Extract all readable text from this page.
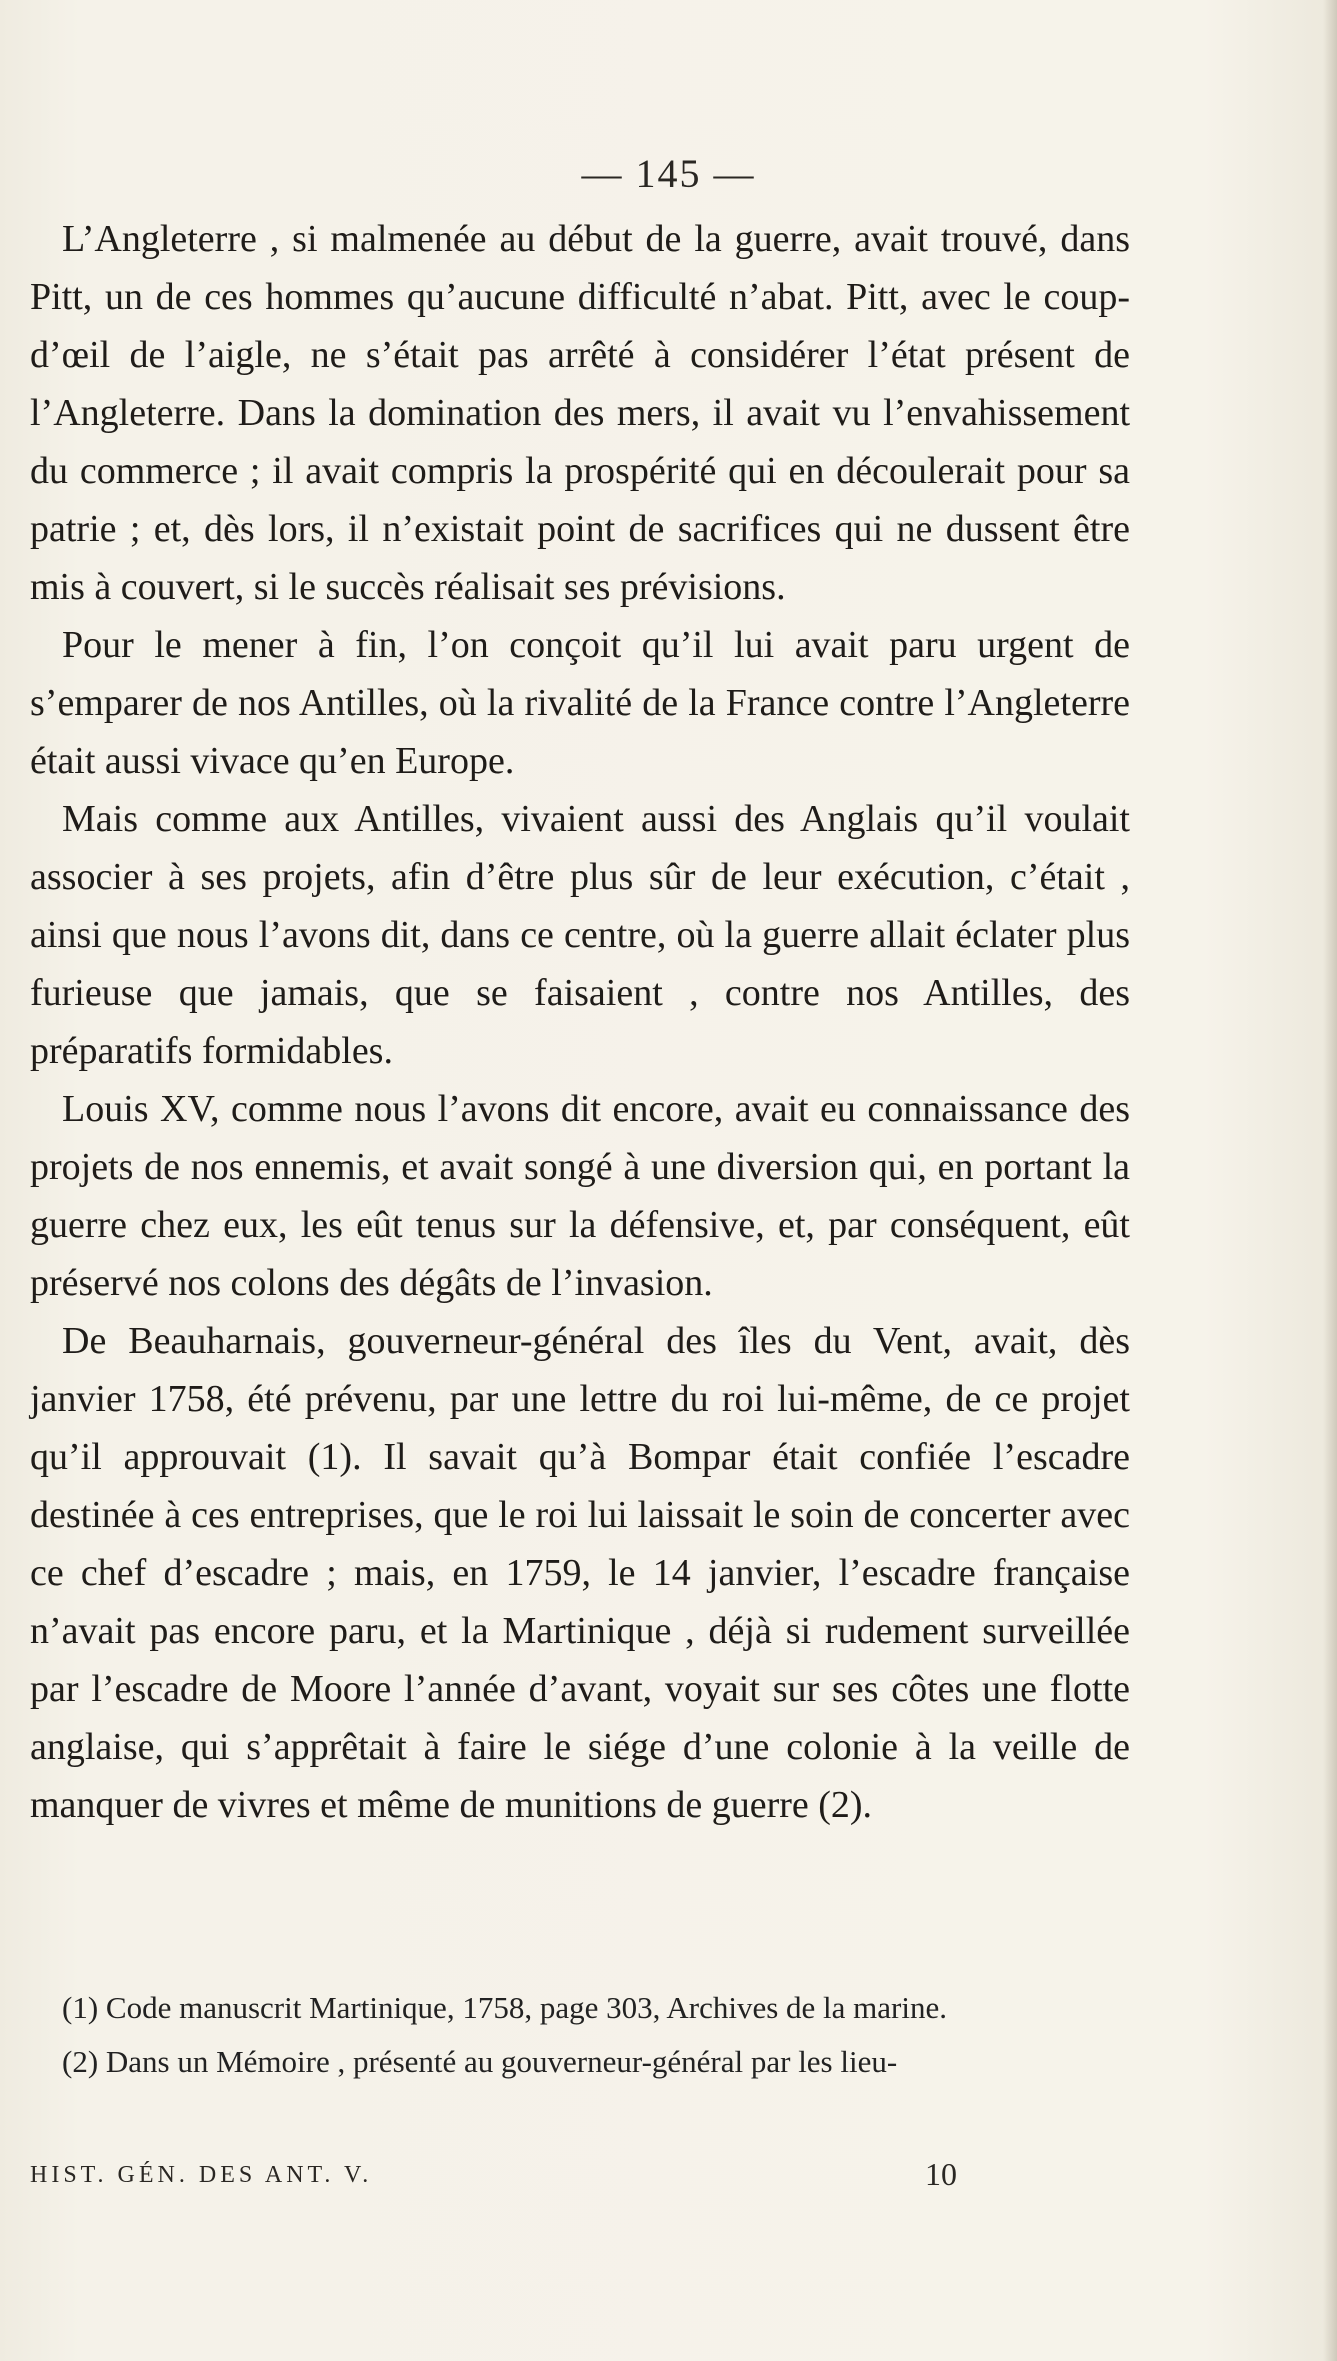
— 145 —

L’Angleterre , si malmenée au début de la guerre, avait trouvé, dans Pitt, un de ces hommes qu’aucune difficulté n’abat. Pitt, avec le coup-d’œil de l’aigle, ne s’était pas arrêté à considérer l’état présent de l’Angleterre. Dans la domination des mers, il avait vu l’envahissement du commerce ; il avait compris la prospérité qui en découlerait pour sa patrie ; et, dès lors, il n’existait point de sacrifices qui ne dussent être mis à couvert, si le succès réalisait ses prévisions.

Pour le mener à fin, l’on conçoit qu’il lui avait paru urgent de s’emparer de nos Antilles, où la rivalité de la France contre l’Angleterre était aussi vivace qu’en Europe.

Mais comme aux Antilles, vivaient aussi des Anglais qu’il voulait associer à ses projets, afin d’être plus sûr de leur exécution, c’était , ainsi que nous l’avons dit, dans ce centre, où la guerre allait éclater plus furieuse que jamais, que se faisaient , contre nos Antilles, des préparatifs formidables.

Louis XV, comme nous l’avons dit encore, avait eu connaissance des projets de nos ennemis, et avait songé à une diversion qui, en portant la guerre chez eux, les eût tenus sur la défensive, et, par conséquent, eût préservé nos colons des dégâts de l’invasion.

De Beauharnais, gouverneur-général des îles du Vent, avait, dès janvier 1758, été prévenu, par une lettre du roi lui-même, de ce projet qu’il approuvait (1). Il savait qu’à Bompar était confiée l’escadre destinée à ces entreprises, que le roi lui laissait le soin de concerter avec ce chef d’escadre ; mais, en 1759, le 14 janvier, l’escadre française n’avait pas encore paru, et la Martinique , déjà si rudement surveillée par l’escadre de Moore l’année d’avant, voyait sur ses côtes une flotte anglaise, qui s’apprêtait à faire le siége d’une colonie à la veille de manquer de vivres et même de munitions de guerre (2).

(1) Code manuscrit Martinique, 1758, page 303, Archives de la marine.

(2) Dans un Mémoire , présenté au gouverneur-général par les lieu-

HIST. GÉN. DES ANT. V.	10
